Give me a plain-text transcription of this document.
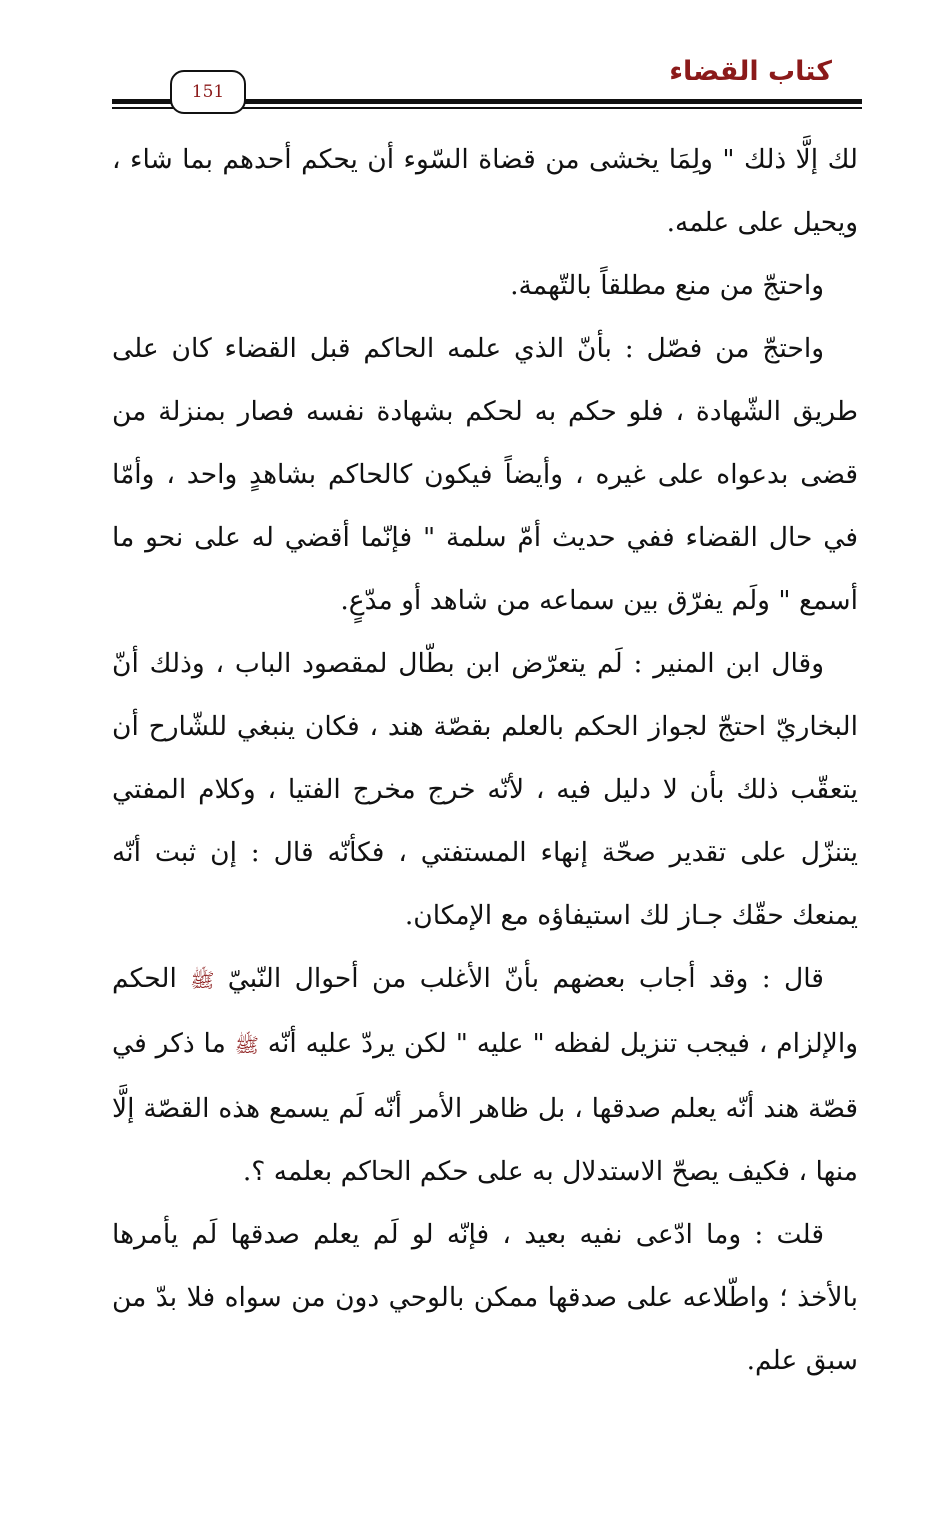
كتاب القضاء
151

لك إلَّا ذلك " ولِمَا يخشى من قضاة السّوء أن يحكم أحدهم بما شاء ، ويحيل على علمه.

واحتجّ من منع مطلقاً بالتّهمة.

واحتجّ من فصّل : بأنّ الذي علمه الحاكم قبل القضاء كان على طريق الشّهادة ، فلو حكم به لحكم بشهادة نفسه فصار بمنزلة من قضى بدعواه على غيره ، وأيضاً فيكون كالحاكم بشاهدٍ واحد ، وأمّا في حال القضاء ففي حديث أمّ سلمة " فإنّما أقضي له على نحو ما أسمع " ولَم يفرّق بين سماعه من شاهد أو مدّعٍ.

وقال ابن المنير : لَم يتعرّض ابن بطّال لمقصود الباب ، وذلك أنّ البخاريّ احتجّ لجواز الحكم بالعلم بقصّة هند ، فكان ينبغي للشّارح أن يتعقّب ذلك بأن لا دليل فيه ، لأنّه خرج مخرج الفتيا ، وكلام المفتي يتنزّل على تقدير صحّة إنهاء المستفتي ، فكأنّه قال : إن ثبت أنّه يمنعك حقّك جـاز لك استيفاؤه مع الإمكان.

قال : وقد أجاب بعضهم بأنّ الأغلب من أحوال النّبيّ ﷺ الحكم والإلزام ، فيجب تنزيل لفظه " عليه " لكن يردّ عليه أنّه ﷺ ما ذكر في قصّة هند أنّه يعلم صدقها ، بل ظاهر الأمر أنّه لَم يسمع هذه القصّة إلَّا منها ، فكيف يصحّ الاستدلال به على حكم الحاكم بعلمه ؟.

قلت : وما ادّعى نفيه بعيد ، فإنّه لو لَم يعلم صدقها لَم يأمرها بالأخذ ؛ واطّلاعه على صدقها ممكن بالوحي دون من سواه فلا بدّ من سبق علم.
